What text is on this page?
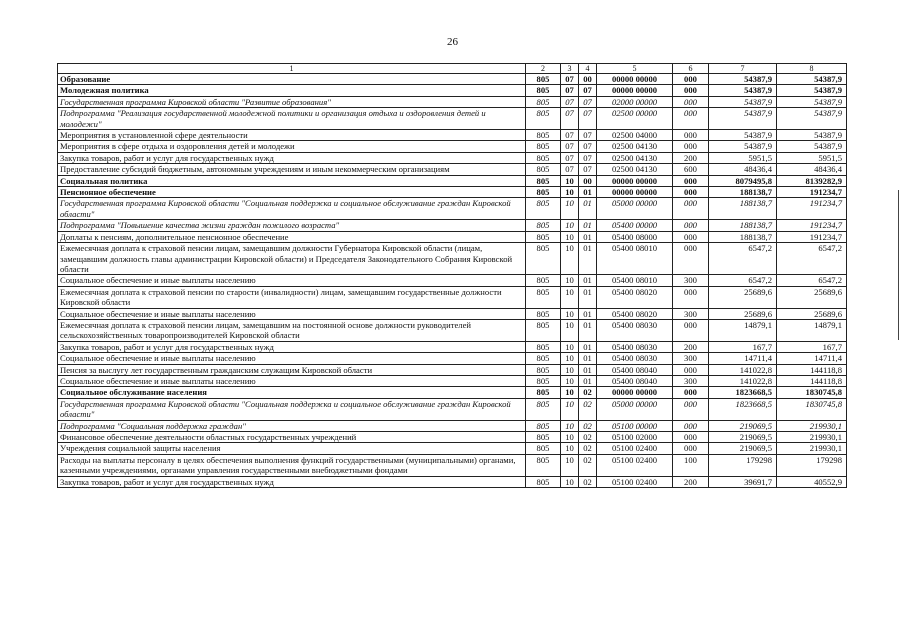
26
1	2	3	4	5	6	7	8
Образование	805	07	00	00000 00000	000	54387,9	54387,9
Молодежная политика	805	07	07	00000 00000	000	54387,9	54387,9
Государственная программа Кировской области "Развитие образования"	805	07	07	02000 00000	000	54387,9	54387,9
Подпрограмма "Реализация государственной молодежной политики и организация отдыха и оздоровления детей и молодежи"	805	07	07	02500 00000	000	54387,9	54387,9
Мероприятия в установленной сфере деятельности	805	07	07	02500 04000	000	54387,9	54387,9
Мероприятия в сфере отдыха и оздоровления детей и молодежи	805	07	07	02500 04130	000	54387,9	54387,9
Закупка товаров, работ и услуг для государственных нужд	805	07	07	02500 04130	200	5951,5	5951,5
Предоставление субсидий бюджетным, автономным учреждениям и иным некоммерческим организациям	805	07	07	02500 04130	600	48436,4	48436,4
Социальная политика	805	10	00	00000 00000	000	8079495,8	8139282,9
Пенсионное обеспечение	805	10	01	00000 00000	000	188138,7	191234,7
Государственная программа Кировской области "Социальная поддержка и социальное обслуживание граждан Кировской области"	805	10	01	05000 00000	000	188138,7	191234,7
Подпрограмма "Повышение качества жизни граждан пожилого возраста"	805	10	01	05400 00000	000	188138,7	191234,7
Доплаты к пенсиям, дополнительное пенсионное обеспечение	805	10	01	05400 08000	000	188138,7	191234,7
Ежемесячная доплата к страховой пенсии лицам, замещавшим должности Губернатора Кировской области (лицам, замещавшим должность главы администрации Кировской области) и Председателя Законодательного Собрания Кировской области	805	10	01	05400 08010	000	6547,2	6547,2
Социальное обеспечение и иные выплаты населению	805	10	01	05400 08010	300	6547,2	6547,2
Ежемесячная доплата к страховой пенсии по старости (инвалидности) лицам, замещавшим государственные должности Кировской области	805	10	01	05400 08020	000	25689,6	25689,6
Социальное обеспечение и иные выплаты населению	805	10	01	05400 08020	300	25689,6	25689,6
Ежемесячная доплата к страховой пенсии лицам, замещавшим на постоянной основе должности руководителей сельскохозяйственных товаропроизводителей Кировской области	805	10	01	05400 08030	000	14879,1	14879,1
Закупка товаров, работ и услуг для государственных нужд	805	10	01	05400 08030	200	167,7	167,7
Социальное обеспечение и иные выплаты населению	805	10	01	05400 08030	300	14711,4	14711,4
Пенсия за выслугу лет государственным гражданским служащим Кировской области	805	10	01	05400 08040	000	141022,8	144118,8
Социальное обеспечение и иные выплаты населению	805	10	01	05400 08040	300	141022,8	144118,8
Социальное обслуживание населения	805	10	02	00000 00000	000	1823668,5	1830745,8
Государственная программа Кировской области "Социальная поддержка и социальное обслуживание граждан Кировской области"	805	10	02	05000 00000	000	1823668,5	1830745,8
Подпрограмма "Социальная поддержка граждан"	805	10	02	05100 00000	000	219069,5	219930,1
Финансовое обеспечение деятельности областных государственных учреждений	805	10	02	05100 02000	000	219069,5	219930,1
Учреждения социальной защиты населения	805	10	02	05100 02400	000	219069,5	219930,1
Расходы на выплаты персоналу в целях обеспечения выполнения функций государственными (муниципальными) органами, казенными учреждениями, органами управления государственными внебюджетными фондами	805	10	02	05100 02400	100	179298	179298
Закупка товаров, работ и услуг для государственных нужд	805	10	02	05100 02400	200	39691,7	40552,9
